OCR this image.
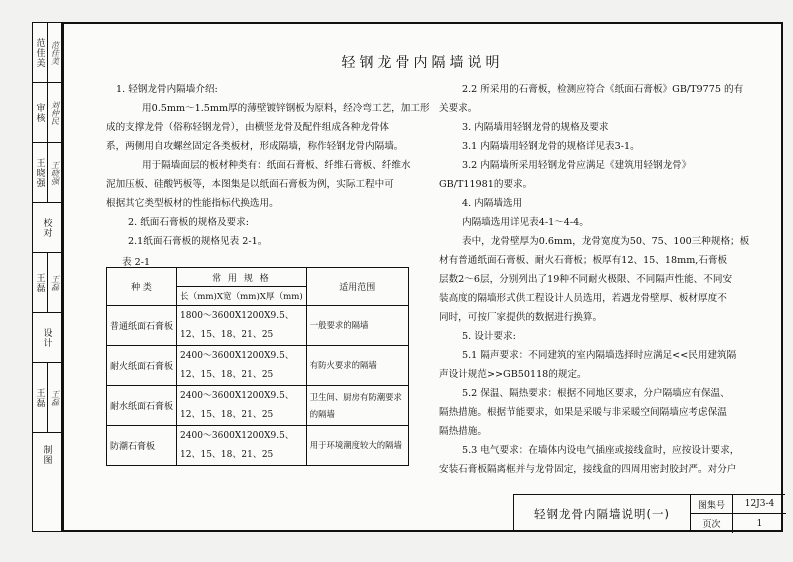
范佳美 范佳美
审核 刘仲民
王晓强 王晓强
校对
王磊 王磊
设计
王磊 王磊
制图
轻钢龙骨内隔墙说明
1. 轻钢龙骨内隔墙介绍:
用0.5mm～1.5mm厚的薄壁镀锌钢板为原料，经冷弯工艺，加工形
成的支撑龙骨（俗称轻钢龙骨），由横竖龙骨及配件组成各种龙骨体
系，两侧用自攻螺丝固定各类板材，形成隔墙，称作轻钢龙骨内隔墙。
用于隔墙面层的板材种类有：纸面石膏板、纤维石膏板、纤维水
泥加压板、硅酸钙板等，本图集是以纸面石膏板为例，实际工程中可
根据其它类型板材的性能指标代换选用。
2. 纸面石膏板的规格及要求:
2.1纸面石膏板的规格见表 2-1。
表 2-1
种 类	常 用 规 格	适用范围
	长（mm)X宽（mm)X厚（mm)	
普通纸面石膏板	1800～3600X1200X9.5、
12、15、18、21、25	一般要求的隔墙

耐火纸面石膏板	2400～3600X1200X9.5、
12、15、18、21、25	有防火要求的隔墙

耐水纸面石膏板	2400～3600X1200X9.5、
12、15、18、21、25	卫生间、厨房有防潮要求
的隔墙
防潮石膏板	2400～3600X1200X9.5、
12、15、18、21、25	用于环境潮度较大的隔墙

2.2 所采用的石膏板，检测应符合《纸面石膏板》GB/T9775 的有
关要求。
3. 内隔墙用轻钢龙骨的规格及要求
3.1 内隔墙用轻钢龙骨的规格详见表3-1。
3.2 内隔墙所采用轻钢龙骨应满足《建筑用轻钢龙骨》
GB/T11981的要求。
4. 内隔墙选用
内隔墙选用详见表4-1～4-4。
表中，龙骨壁厚为0.6mm，龙骨宽度为50、75、100三种规格；板
材有普通纸面石膏板、耐火石膏板；板厚有12、15、18mm,石膏板
层数2～6层，分别列出了19种不同耐火极限、不同隔声性能、不同安
装高度的隔墙形式供工程设计人员选用，若遇龙骨壁厚、板材厚度不
同时，可按厂家提供的数据进行换算。
5. 设计要求:
5.1 隔声要求：不同建筑的室内隔墙选择时应满足<<民用建筑隔
声设计规范>>GB50118的规定。
5.2 保温、隔热要求：根据不同地区要求，分户隔墙应有保温、
隔热措施。根据节能要求，如果是采暖与非采暖空间隔墙应考虑保温
隔热措施。
5.3 电气要求：在墙体内设电气插座或接线盒时，应按设计要求，
安装石膏板隔离框并与龙骨固定，接线盒的四周用密封胶封严。对分户
轻钢龙骨内隔墙说明(一)
图集号	12J3-4
页次	1
